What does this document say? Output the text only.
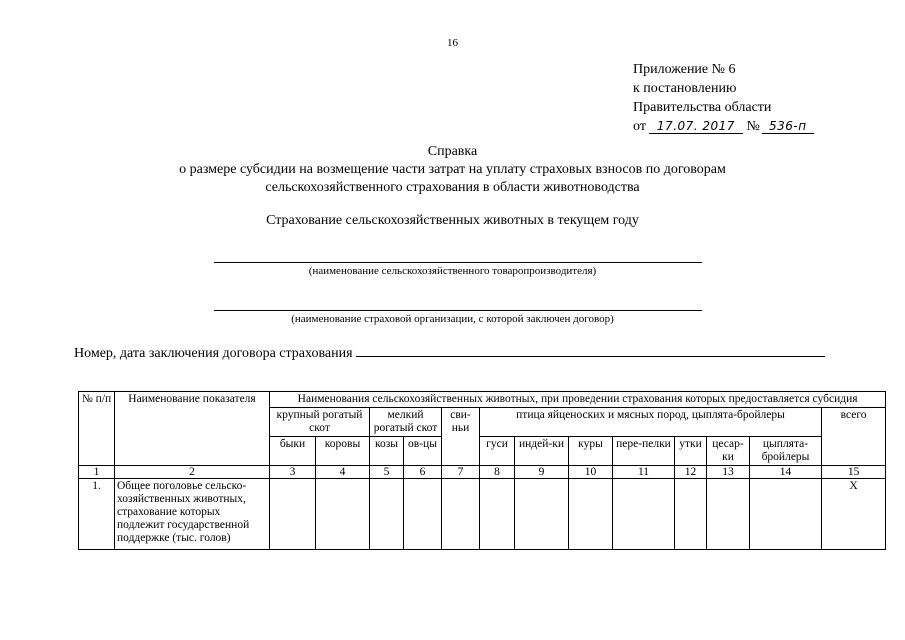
16
Приложение № 6
к постановлению
Правительства области
от 17.07. 2017 № 536-п
Справка
о размере субсидии на возмещение части затрат на уплату страховых взносов по договорам
сельскохозяйственного страхования в области животноводства
Страхование сельскохозяйственных животных в текущем году
(наименование сельскохозяйственного товаропроизводителя)
(наименование страховой организации, с которой заключен договор)
Номер, дата заключения договора страхования
№ п/п	Наименование показателя	Наименования сельскохозяйственных животных, при проведении страхования которых предоставляется субсидия												
		крупный рогатый скот		мелкий рогатый скот		сви-ньи	птица яйценоских и мясных пород, цыплята-бройлеры							всего
		быки	коровы	козы	ов-цы		гуси	индей-ки	куры	пере-пелки	утки	цесар-ки	цыплята-бройлеры	
1	2	3	4	5	6	7	8	9	10	11	12	13	14	15
1.	Общее поголовье сельско-хозяйственных животных, страхование которых подлежит государственной поддержке (тыс. голов)													Х
